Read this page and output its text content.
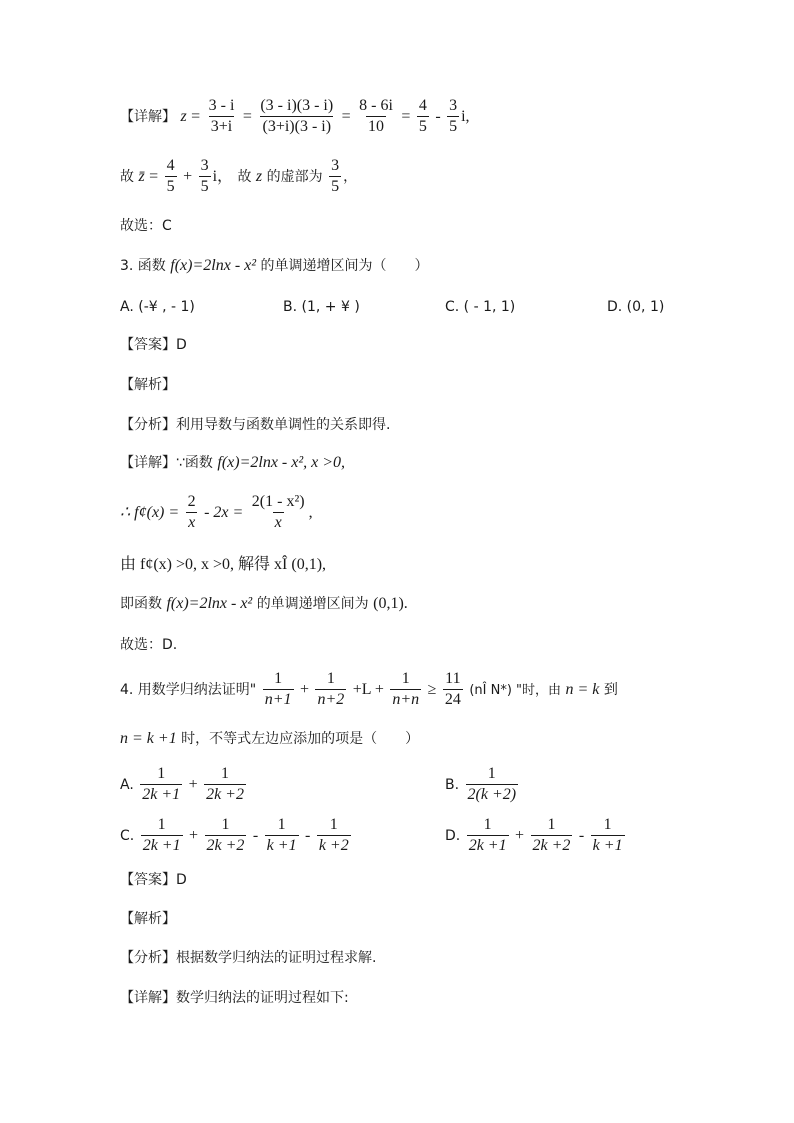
【详解】 $z = \frac{3 - i}{3+i} = \frac{(3 - i)(3 - i)}{(3+i)(3 - i)} = \frac{8 - 6i}{10} = \frac{4}{5} - \frac{3}{5} i$,
故 z̄ = $\frac{4}{5} + \frac{3}{5}$ i， 故 z 的虚部为 $\frac{3}{5}$ ，
故选：C
3. 函数 f(x)=2lnx - x² 的单调递增区间为（　　）
A. (-¥ , - 1)	B. (1, + ¥ )	C. ( - 1, 1)	D. (0, 1)
【答案】D
【解析】
【分析】利用导数与函数单调性的关系即得.
【详解】∵函数 f(x)=2lnx - x², x >0,
∴ f¢(x) = $\frac{2}{x} - 2x = \frac{\text{2(1 - x²)}}{x}$ ,
由 f¢(x) >0, x >0, 解得 xÎ (0,1),
即函数 f(x)=2lnx - x² 的单调递增区间为 (0,1).
故选：D.
4. 用数学归纳法证明" $\frac{1}{n+1} + \frac{1}{n+2} +L + \frac{1}{n+n} \ge \frac{11}{24}$ (nÎ N*) "时，由 n = k 到
n = k +1 时，不等式左边应添加的项是（　　）
A. $\frac{1}{2k +1} + \frac{1}{2k +2}$	B. $\frac{1}{2(k +2)}$
C. $\frac{1}{2k +1} + \frac{1}{2k +2} - \frac{1}{k +1} - \frac{1}{k +2}$	D. $\frac{1}{2k +1} + \frac{1}{2k +2} - \frac{1}{k +1}$
【答案】D
【解析】
【分析】根据数学归纳法的证明过程求解.
【详解】数学归纳法的证明过程如下:
